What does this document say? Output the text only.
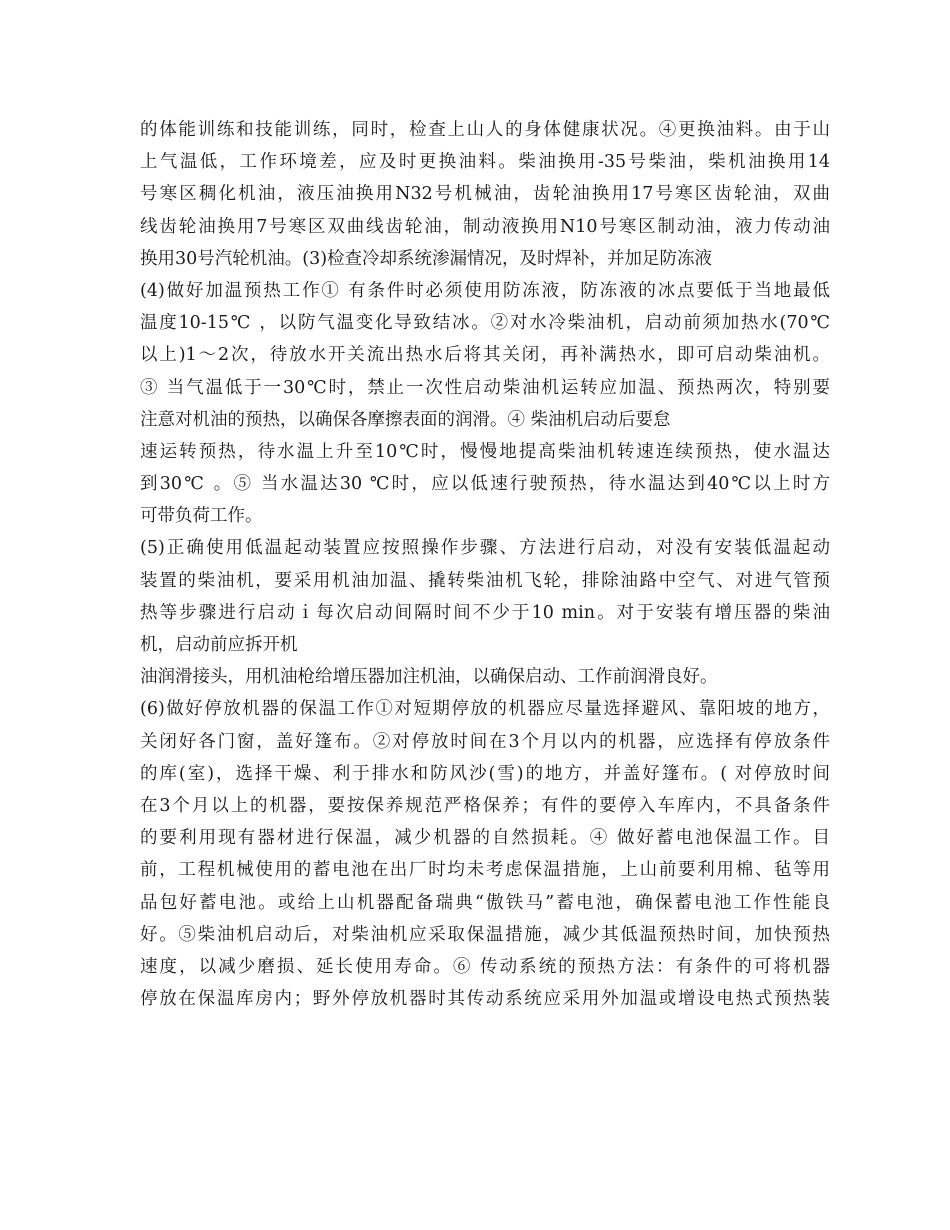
的体能训练和技能训练，同时，检查上山人的身体健康状况。④更换油料。由于山
上气温低，工作环境差，应及时更换油料。柴油换用-35号柴油，柴机油换用14
号寒区稠化机油，液压油换用N32号机械油，齿轮油换用17号寒区齿轮油，双曲
线齿轮油换用7号寒区双曲线齿轮油，制动液换用N10号寒区制动油，液力传动油
换用30号汽轮机油。(3)检查冷却系统渗漏情况，及时焊补，并加足防冻液
(4)做好加温预热工作① 有条件时必须使用防冻液，防冻液的冰点要低于当地最低
温度10-15℃ ，以防气温变化导致结冰。②对水冷柴油机，启动前须加热水(70℃
以上)1～2次，待放水开关流出热水后将其关闭，再补满热水，即可启动柴油机。
③ 当气温低于一30℃时，禁止一次性启动柴油机运转应加温、预热两次，特别要
注意对机油的预热，以确保各摩擦表面的润滑。④ 柴油机启动后要怠
速运转预热，待水温上升至10℃时，慢慢地提高柴油机转速连续预热，使水温达
到30℃ 。⑤ 当水温达30 ℃时，应以低速行驶预热，待水温达到40℃以上时方
可带负荷工作。
(5)正确使用低温起动装置应按照操作步骤、方法进行启动，对没有安装低温起动
装置的柴油机，要采用机油加温、撬转柴油机飞轮，排除油路中空气、对进气管预
热等步骤进行启动ｉ每次启动间隔时间不少于10 min。对于安装有增压器的柴油
机，启动前应拆开机
油润滑接头，用机油枪给增压器加注机油，以确保启动、工作前润滑良好。
(6)做好停放机器的保温工作①对短期停放的机器应尽量选择避风、靠阳坡的地方，
关闭好各门窗，盖好篷布。②对停放时间在3个月以内的机器，应选择有停放条件
的库(室)，选择干燥、利于排水和防风沙(雪)的地方，并盖好篷布。( 对停放时间
在3个月以上的机器，要按保养规范严格保养；有件的要停入车库内，不具备条件
的要利用现有器材进行保温，减少机器的自然损耗。④ 做好蓄电池保温工作。目
前，工程机械使用的蓄电池在出厂时均未考虑保温措施，上山前要利用棉、毡等用
品包好蓄电池。或给上山机器配备瑞典“傲铁马”蓄电池，确保蓄电池工作性能良
好。⑤柴油机启动后，对柴油机应采取保温措施，减少其低温预热时间，加快预热
速度，以减少磨损、延长使用寿命。⑥ 传动系统的预热方法：有条件的可将机器
停放在保温库房内；野外停放机器时其传动系统应采用外加温或增设电热式预热装
